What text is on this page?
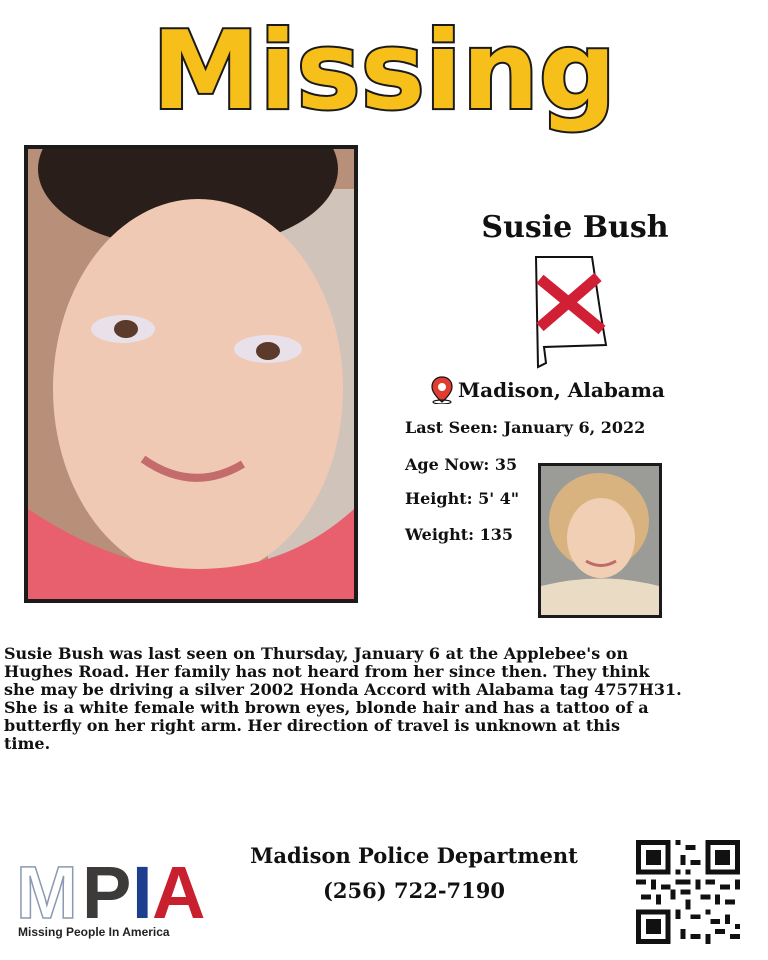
Missing
Susie Bush
Madison, Alabama
Last Seen: January 6, 2022
Age Now: 35
Height: 5' 4"
Weight: 135

Susie Bush was last seen on Thursday, January 6 at the Applebee's on

Hughes Road. Her family has not heard from her since then. They think

she may be driving a silver 2002 Honda Accord with Alabama tag 4757H31.

She is a white female with brown eyes, blonde hair and has a tattoo of a

butterfly on her right arm. Her direction of travel is unknown at this

time.

M P I A
Missing People In America
Madison Police Department
(256) 722-7190
